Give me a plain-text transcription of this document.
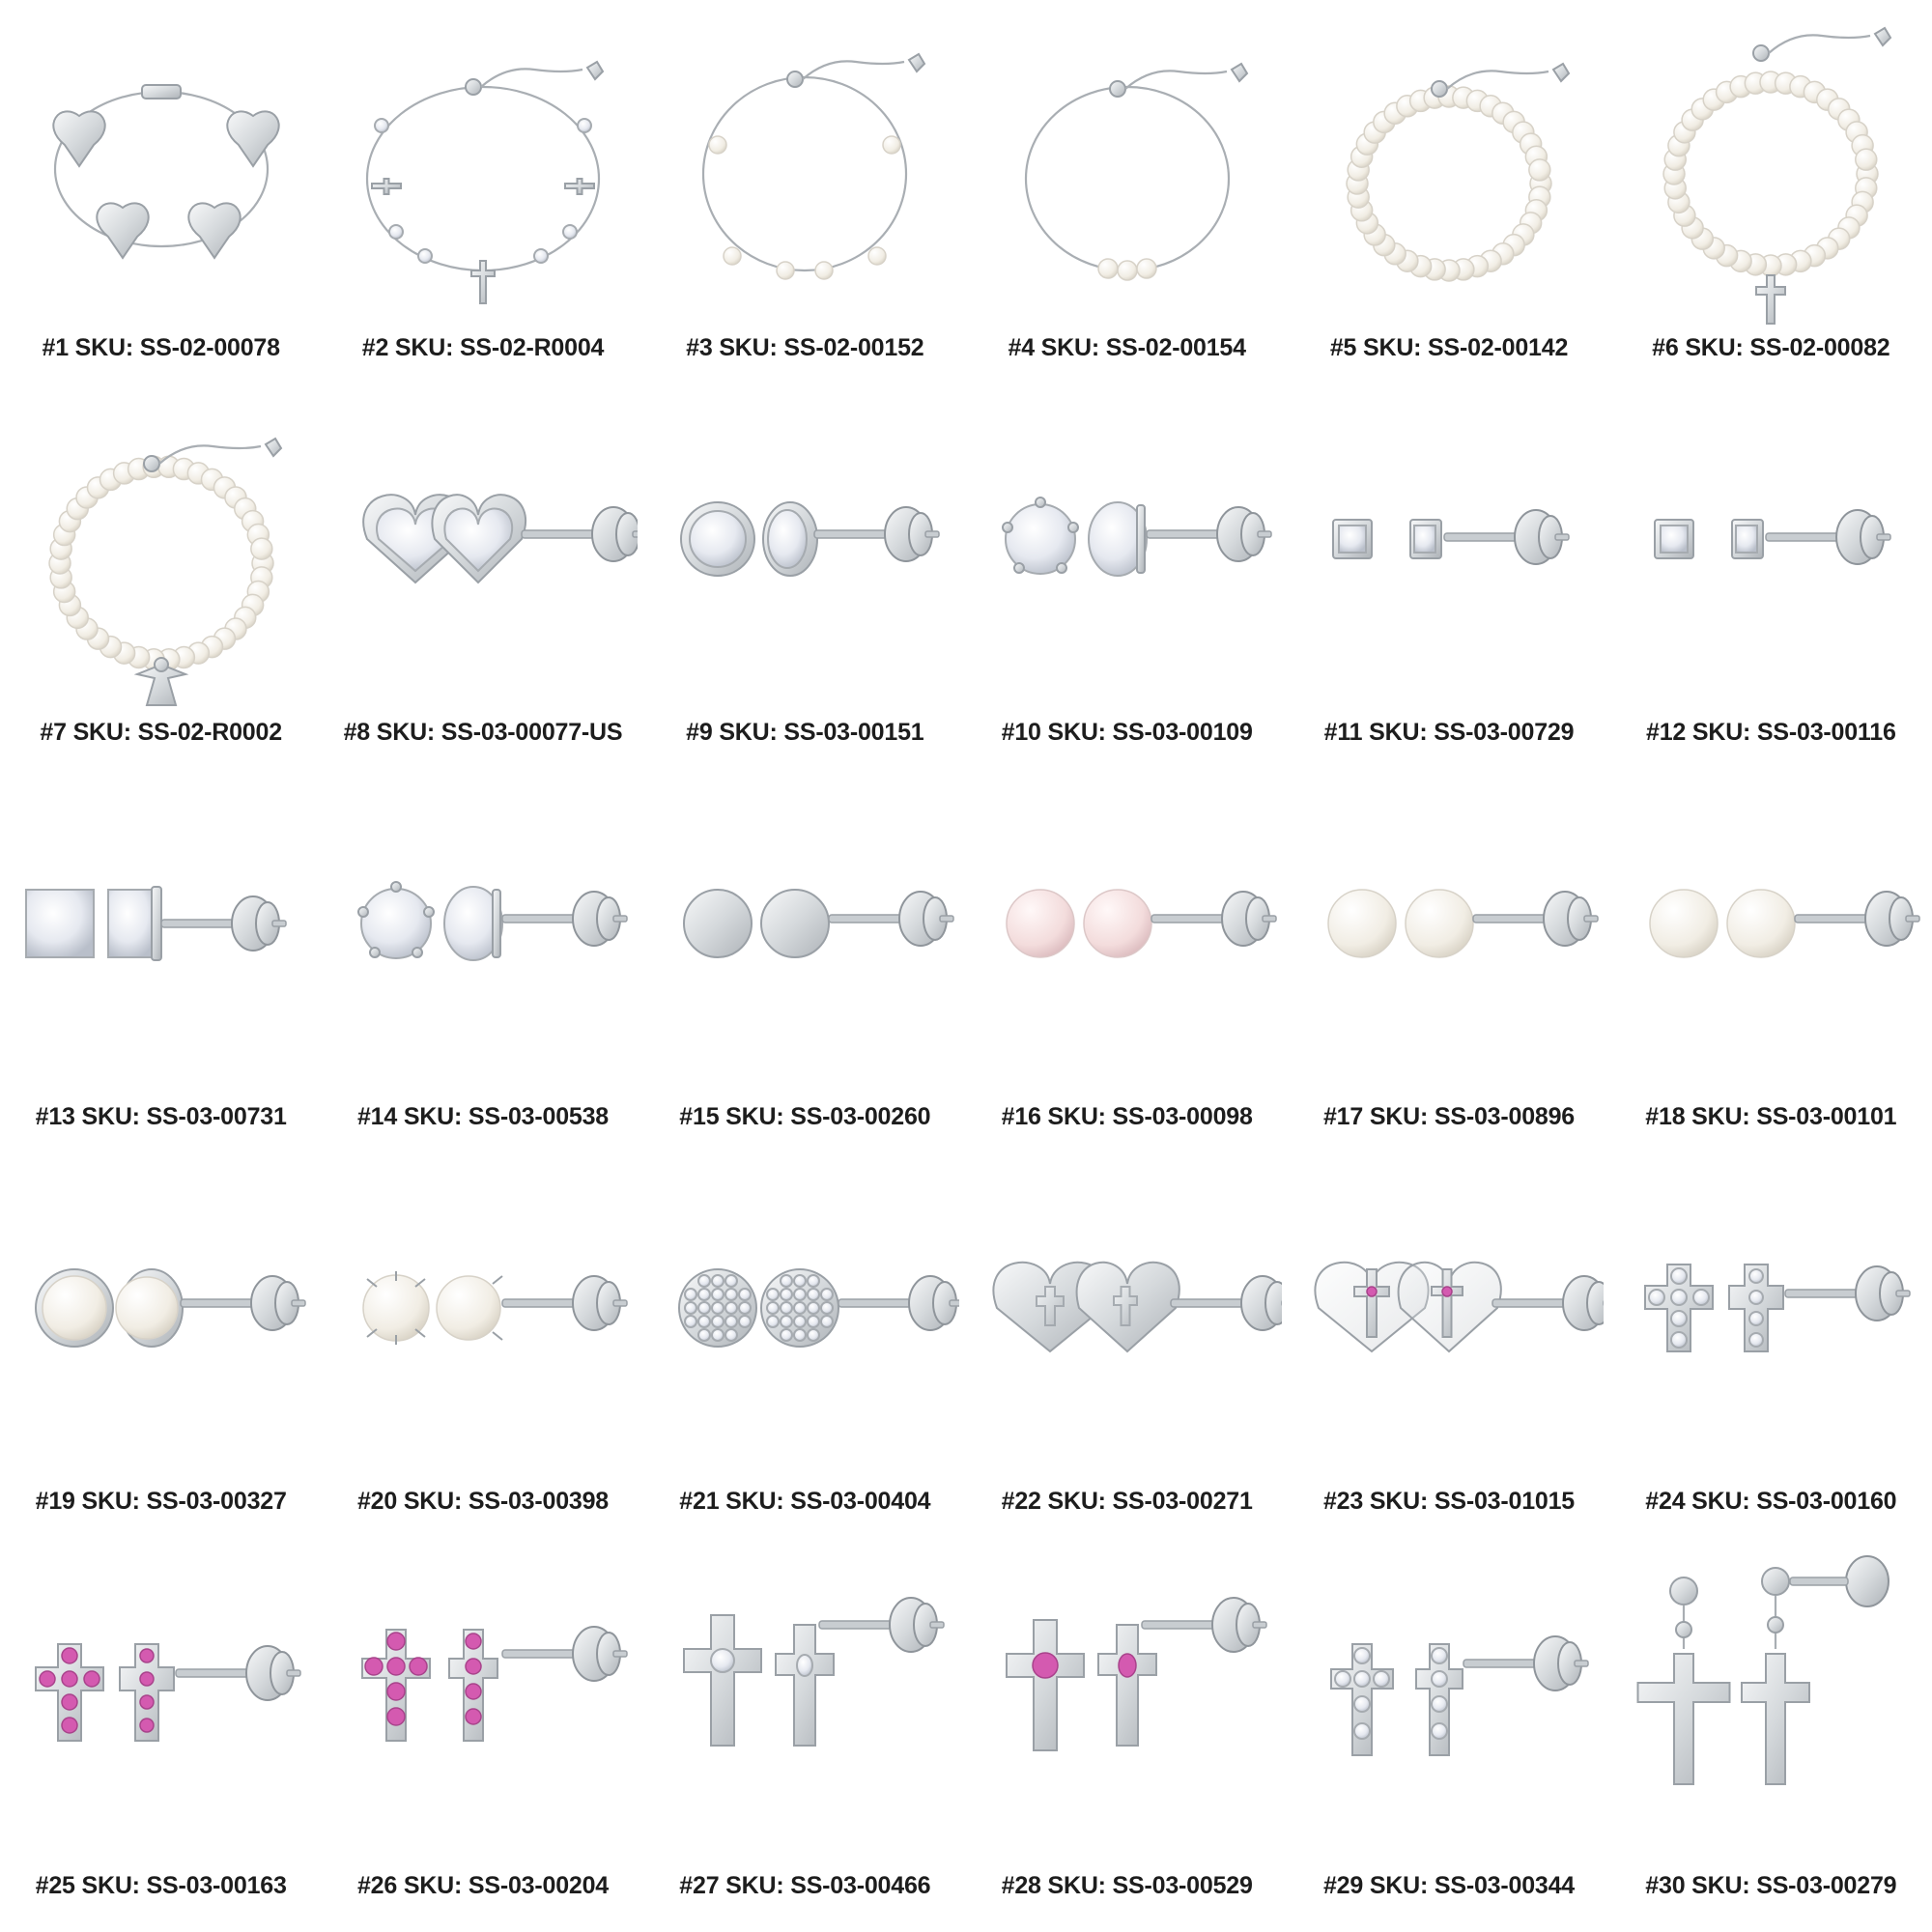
#1 SKU: SS-02-00078	#2 SKU: SS-02-R0004	#3 SKU: SS-02-00152	#4 SKU: SS-02-00154	#5 SKU: SS-02-00142	#6 SKU: SS-02-00082
#7 SKU: SS-02-R0002	#8 SKU: SS-03-00077-US	#9 SKU: SS-03-00151	#10 SKU: SS-03-00109	#11 SKU: SS-03-00729	#12 SKU: SS-03-00116
#13 SKU: SS-03-00731	#14 SKU: SS-03-00538	#15 SKU: SS-03-00260	#16 SKU: SS-03-00098	#17 SKU: SS-03-00896	#18 SKU: SS-03-00101
#19 SKU: SS-03-00327	#20 SKU: SS-03-00398	#21 SKU: SS-03-00404	#22 SKU: SS-03-00271	#23 SKU: SS-03-01015	#24 SKU: SS-03-00160
#25 SKU: SS-03-00163	#26 SKU: SS-03-00204	#27 SKU: SS-03-00466	#28 SKU: SS-03-00529	#29 SKU: SS-03-00344	#30 SKU: SS-03-00279
